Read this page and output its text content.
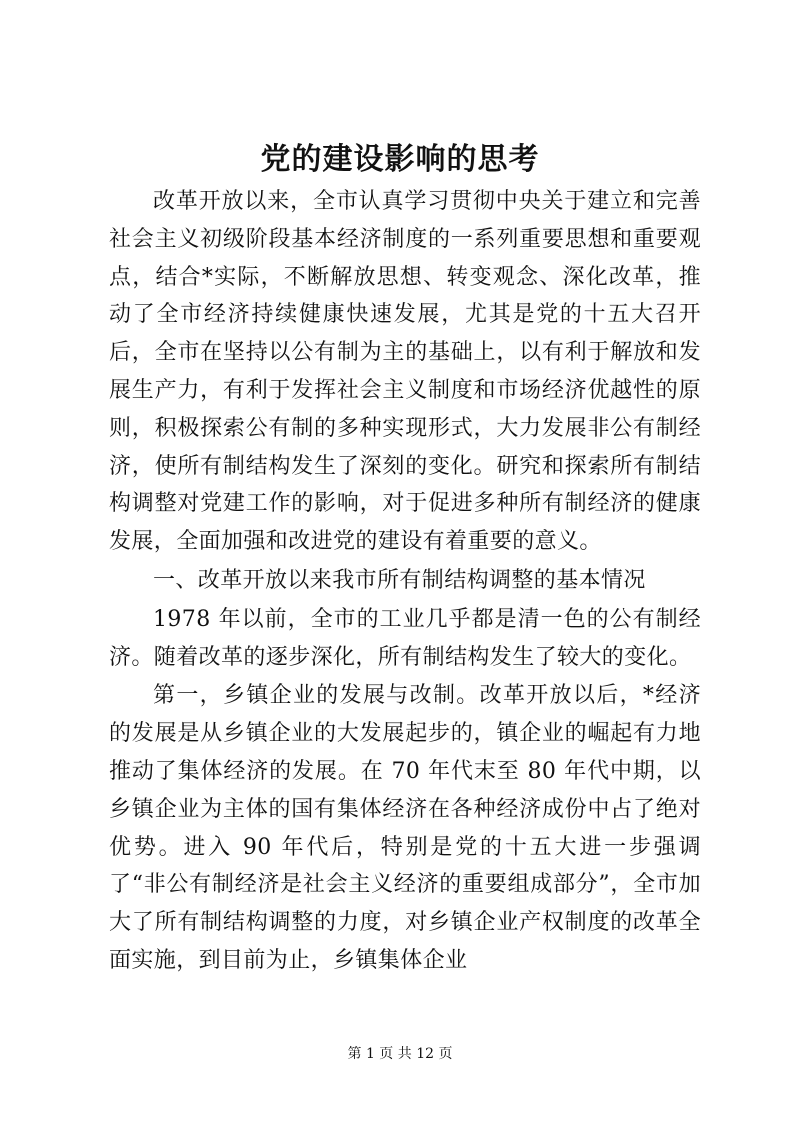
党的建设影响的思考

改革开放以来，全市认真学习贯彻中央关于建立和完善社会主义初级阶段基本经济制度的一系列重要思想和重要观点，结合*实际，不断解放思想、转变观念、深化改革，推动了全市经济持续健康快速发展，尤其是党的十五大召开后，全市在坚持以公有制为主的基础上，以有利于解放和发展生产力，有利于发挥社会主义制度和市场经济优越性的原则，积极探索公有制的多种实现形式，大力发展非公有制经济，使所有制结构发生了深刻的变化。研究和探索所有制结构调整对党建工作的影响，对于促进多种所有制经济的健康发展，全面加强和改进党的建设有着重要的意义。

一、改革开放以来我市所有制结构调整的基本情况

1978 年以前，全市的工业几乎都是清一色的公有制经济。随着改革的逐步深化，所有制结构发生了较大的变化。

第一，乡镇企业的发展与改制。改革开放以后，*经济的发展是从乡镇企业的大发展起步的，镇企业的崛起有力地推动了集体经济的发展。在 70 年代末至 80 年代中期，以乡镇企业为主体的国有集体经济在各种经济成份中占了绝对优势。进入 90 年代后，特别是党的十五大进一步强调了“非公有制经济是社会主义经济的重要组成部分”，全市加大了所有制结构调整的力度，对乡镇企业产权制度的改革全面实施，到目前为止，乡镇集体企业

第 1 页 共 12 页
